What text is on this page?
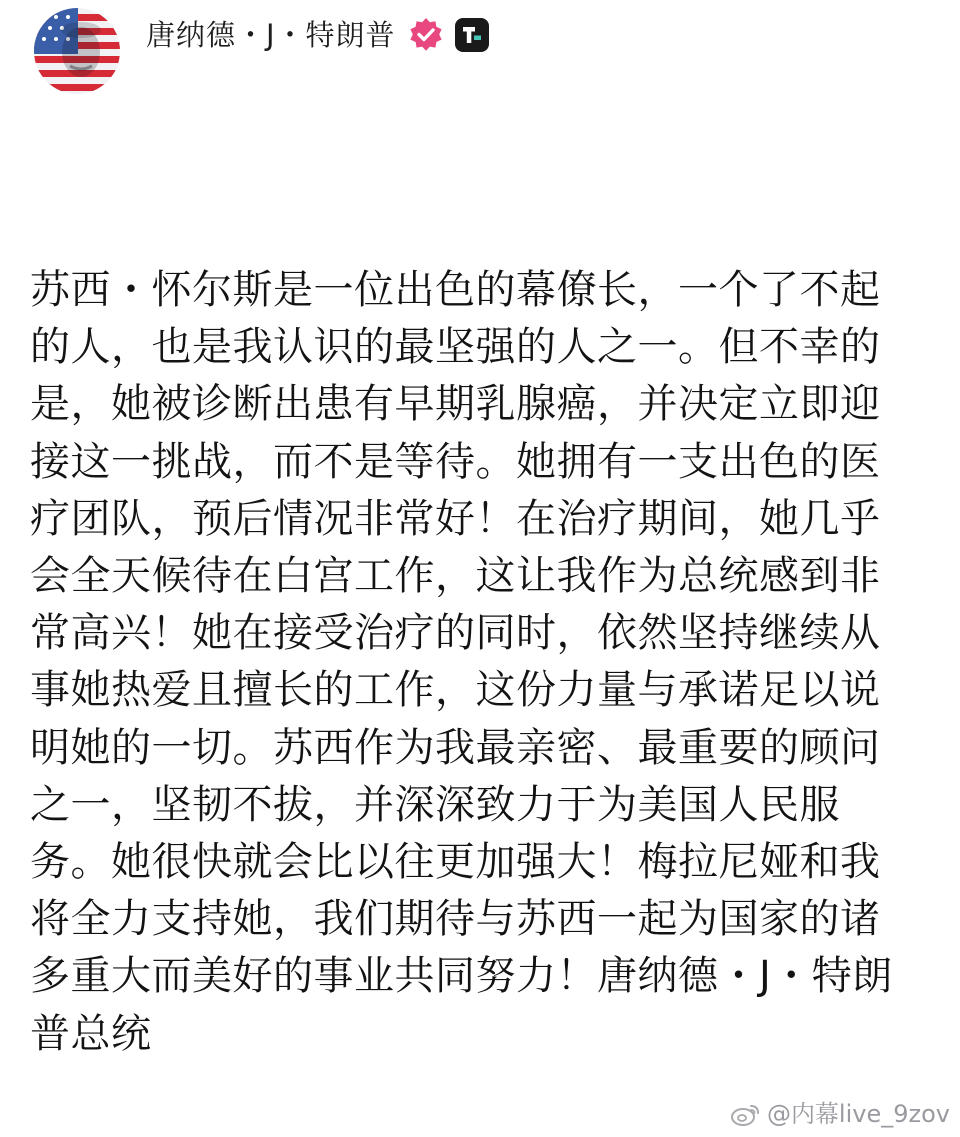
唐纳德・J・特朗普
苏西・怀尔斯是一位出色的幕僚长，一个了不起
的人，也是我认识的最坚强的人之一。但不幸的
是，她被诊断出患有早期乳腺癌，并决定立即迎
接这一挑战，而不是等待。她拥有一支出色的医
疗团队，预后情况非常好！在治疗期间，她几乎
会全天候待在白宫工作，这让我作为总统感到非
常高兴！她在接受治疗的同时，依然坚持继续从
事她热爱且擅长的工作，这份力量与承诺足以说
明她的一切。苏西作为我最亲密、最重要的顾问
之一，坚韧不拔，并深深致力于为美国人民服
务。她很快就会比以往更加强大！梅拉尼娅和我
将全力支持她，我们期待与苏西一起为国家的诸
多重大而美好的事业共同努力！唐纳德・J・特朗
普总统
@内幕live_9zov
